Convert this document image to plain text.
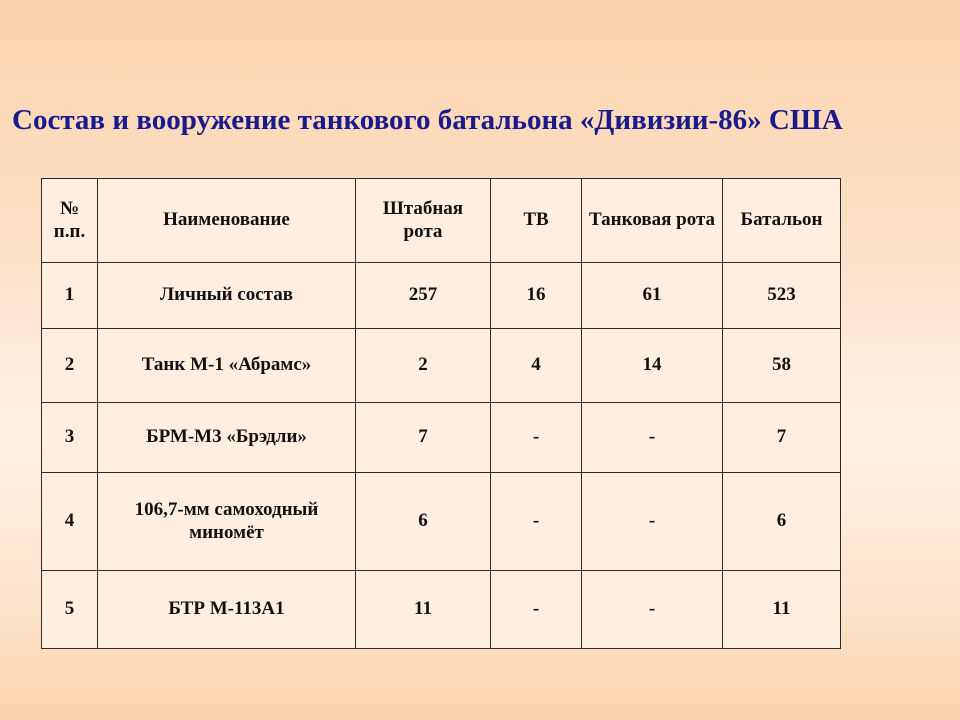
Состав и вооружение танкового батальона «Дивизии-86» США
№ п.п.	Наименование	Штабная рота	ТВ	Танковая рота	Батальон
1	Личный состав	257	16	61	523
2	Танк М-1 «Абрамс»	2	4	14	58
3	БРМ-М3 «Брэдли»	7	-	-	7
4	106,7-мм самоходный миномёт	6	-	-	6
5	БТР М-113А1	11	-	-	11
